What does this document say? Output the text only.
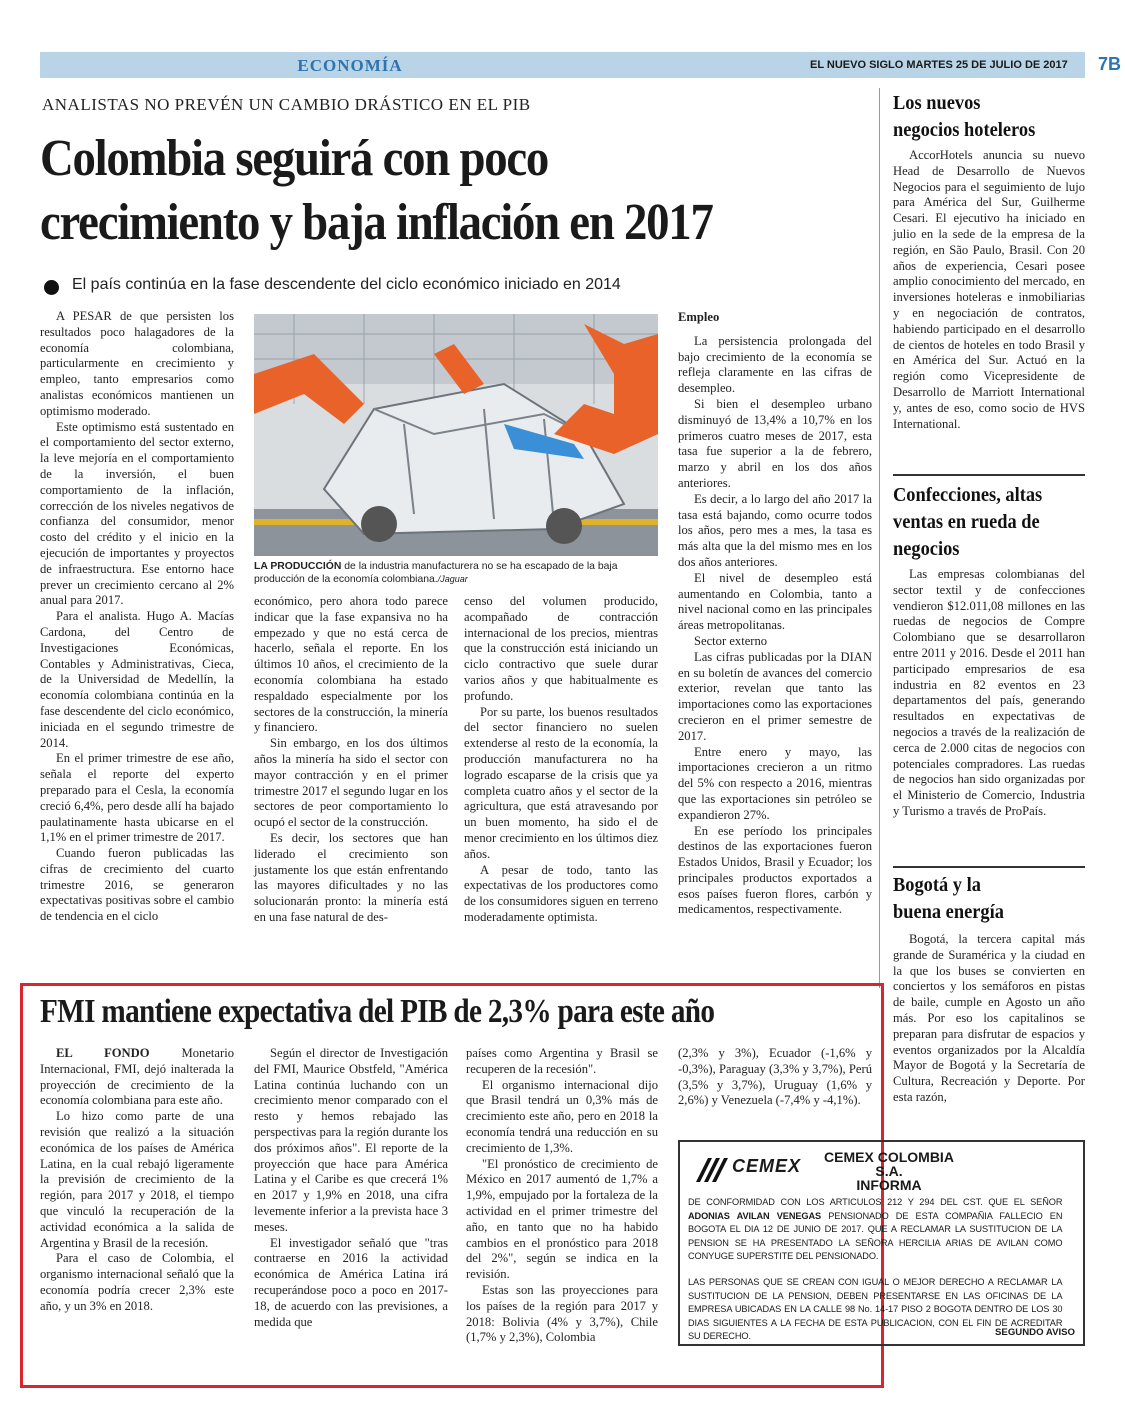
ECONOMÍA	EL NUEVO SIGLO MARTES 25 DE JULIO DE 2017 7B
ANALISTAS NO PREVÉN UN CAMBIO DRÁSTICO EN EL PIB
Colombia seguirá con poco
crecimiento y baja inflación en 2017
El país continúa en la fase descendente del ciclo económico iniciado en 2014

A PESAR de que persisten los resultados poco halagadores de la economía colombiana, particularmente en crecimiento y empleo, tanto empresarios como analistas económicos mantienen un optimismo moderado.

Este optimismo está sustentado en el comportamiento del sector externo, la leve mejoría en el comportamiento de la inversión, el buen comportamiento de la inflación, corrección de los niveles negativos de confianza del consumidor, menor costo del crédito y el inicio en la ejecución de importantes y proyectos de infraestructura. Ese entorno hace prever un crecimiento cercano al 2% anual para 2017.

Para el analista. Hugo A. Macías Cardona, del Centro de Investigaciones Económicas, Contables y Administrativas, Cieca, de la Universidad de Medellín, la economía colombiana continúa en la fase descendente del ciclo económico, iniciada en el segundo trimestre de 2014.

En el primer trimestre de ese año, señala el reporte del experto preparado para el Cesla, la economía creció 6,4%, pero desde allí ha bajado paulatinamente hasta ubicarse en el 1,1% en el primer trimestre de 2017.

Cuando fueron publicadas las cifras de crecimiento del cuarto trimestre 2016, se generaron expectativas positivas sobre el cambio de tendencia en el ciclo

LA PRODUCCIÓN de la industria manufacturera no se ha escapado de la baja producción de la economía colombiana./Jaguar

económico, pero ahora todo parece indicar que la fase expansiva no ha empezado y que no está cerca de hacerlo, señala el reporte. En los últimos 10 años, el crecimiento de la economía colombiana ha estado respaldado especialmente por los sectores de la construcción, la minería y financiero.

Sin embargo, en los dos últimos años la minería ha sido el sector con mayor contracción y en el primer trimestre 2017 el segundo lugar en los sectores de peor comportamiento lo ocupó el sector de la construcción.

Es decir, los sectores que han liderado el crecimiento son justamente los que están enfrentando las mayores dificultades y no las solucionarán pronto: la minería está en una fase natural de des-

censo del volumen producido, acompañado de contracción internacional de los precios, mientras que la construcción está iniciando un ciclo contractivo que suele durar varios años y que habitualmente es profundo.

Por su parte, los buenos resultados del sector financiero no suelen extenderse al resto de la economía, la producción manufacturera no ha logrado escaparse de la crisis que ya completa cuatro años y el sector de la agricultura, que está atravesando por un buen momento, ha sido el de menor crecimiento en los últimos diez años.

A pesar de todo, tanto las expectativas de los productores como de los consumidores siguen en terreno moderadamente optimista.

Empleo

La persistencia prolongada del bajo crecimiento de la economía se refleja claramente en las cifras de desempleo.

Si bien el desempleo urbano disminuyó de 13,4% a 10,7% en los primeros cuatro meses de 2017, esta tasa fue superior a la de febrero, marzo y abril en los dos años anteriores.

Es decir, a lo largo del año 2017 la tasa está bajando, como ocurre todos los años, pero mes a mes, la tasa es más alta que la del mismo mes en los dos años anteriores.

El nivel de desempleo está aumentando en Colombia, tanto a nivel nacional como en las principales áreas metropolitanas.

Sector externo

Las cifras publicadas por la DIAN en su boletín de avances del comercio exterior, revelan que tanto las importaciones como las exportaciones crecieron en el primer semestre de 2017.

Entre enero y mayo, las importaciones crecieron a un ritmo del 5% con respecto a 2016, mientras que las exportaciones sin petróleo se expandieron 27%.

En ese período los principales destinos de las exportaciones fueron Estados Unidos, Brasil y Ecuador; los principales productos exportados a esos países fueron flores, carbón y medicamentos, respectivamente.

Los nuevos
negocios hoteleros

AccorHotels anuncia su nuevo Head de Desarrollo de Nuevos Negocios para el seguimiento de lujo para América del Sur, Guilherme Cesari. El ejecutivo ha iniciado en julio en la sede de la empresa de la región, en São Paulo, Brasil. Con 20 años de experiencia, Cesari posee amplio conocimiento del mercado, en inversiones hoteleras e inmobiliarias y en negociación de contratos, habiendo participado en el desarrollo de cientos de hoteles en todo Brasil y en América del Sur. Actuó en la región como Vicepresidente de Desarrollo de Marriott International y, antes de eso, como socio de HVS International.

Confecciones, altas
ventas en rueda de
negocios

Las empresas colombianas del sector textil y de confecciones vendieron $12.011,08 millones en las ruedas de negocios de Compre Colombiano que se desarrollaron entre 2011 y 2016. Desde el 2011 han participado empresarios de esa industria en 82 eventos en 23 departamentos del país, generando resultados en expectativas de negocios a través de la realización de cerca de 2.000 citas de negocios con potenciales compradores. Las ruedas de negocios han sido organizadas por el Ministerio de Comercio, Industria y Turismo a través de ProPaís.

Bogotá y la
buena energía

Bogotá, la tercera capital más grande de Suramérica y la ciudad en la que los buses se convierten en conciertos y los semáforos en pistas de baile, cumple en Agosto un año más. Por eso los capitalinos se preparan para disfrutar de espacios y eventos organizados por la Alcaldía Mayor de Bogotá y la Secretaría de Cultura, Recreación y Deporte. Por esta razón,

FMI mantiene expectativa del PIB de 2,3% para este año

EL FONDO	Monetario Internacional, FMI, dejó inalterada la proyección de crecimiento de la economía colombiana para este año.

Lo hizo como parte de una revisión que realizó a la situación económica de los países de América Latina, en la cual rebajó ligeramente la previsión de crecimiento de la región, para 2017 y 2018, el tiempo que vinculó la recuperación de la actividad económica a la salida de Argentina y Brasil de la recesión.

Para el caso de Colombia, el organismo internacional señaló que la economía podría crecer 2,3% este año, y un 3% en 2018.

Según el director de Investigación del FMI, Maurice Obstfeld, "América Latina continúa luchando con un crecimiento menor comparado con el resto y hemos rebajado las perspectivas para la región durante los dos próximos años". El reporte de la proyección que hace para América Latina y el Caribe es que crecerá 1% en 2017 y 1,9% en 2018, una cifra levemente inferior a la prevista hace 3 meses.

El investigador señaló que "tras contraerse en 2016 la actividad económica de América Latina irá recuperándose poco a poco en 2017-18, de acuerdo con las previsiones, a medida que

países como Argentina y Brasil se recuperen de la recesión".

El organismo internacional dijo que Brasil tendrá un 0,3% más de crecimiento este año, pero en 2018 la economía tendrá una reducción en su crecimiento de 1,3%.

"El pronóstico de crecimiento de México en 2017 aumentó de 1,7% a 1,9%, empujado por la fortaleza de la actividad en el primer trimestre del año, en tanto que no ha habido cambios en el pronóstico para 2018 del 2%", según se indica en la revisión.

Estas son las proyecciones para los países de la región para 2017 y 2018: Bolivia (4% y 3,7%), Chile (1,7% y 2,3%), Colombia

(2,3% y 3%), Ecuador (-1,6% y -0,3%), Paraguay (3,3% y 3,7%), Perú (3,5% y 3,7%), Uruguay (1,6% y 2,6%) y Venezuela (-7,4% y -4,1%).

CEMEX	CEMEX COLOMBIA S.A.
INFORMA

DE CONFORMIDAD CON LOS ARTICULOS 212 Y 294 DEL CST. QUE EL SEÑOR ADONIAS AVILAN VENEGAS PENSIONADO DE ESTA COMPAÑIA FALLECIO EN BOGOTA EL DIA 12 DE JUNIO DE 2017. QUE A RECLAMAR LA SUSTITUCION DE LA PENSION SE HA PRESENTADO LA SEÑORA HERCILIA ARIAS DE AVILAN COMO CONYUGE SUPERSTITE DEL PENSIONADO.

LAS PERSONAS QUE SE CREAN CON IGUAL O MEJOR DERECHO A RECLAMAR LA SUSTITUCION DE LA PENSION, DEBEN PRESENTARSE EN LAS OFICINAS DE LA EMPRESA UBICADAS EN LA CALLE 98 No. 14-17 PISO 2 BOGOTA DENTRO DE LOS 30 DIAS SIGUIENTES A LA FECHA DE ESTA PUBLICACION, CON EL FIN DE ACREDITAR SU DERECHO.	SEGUNDO AVISO
